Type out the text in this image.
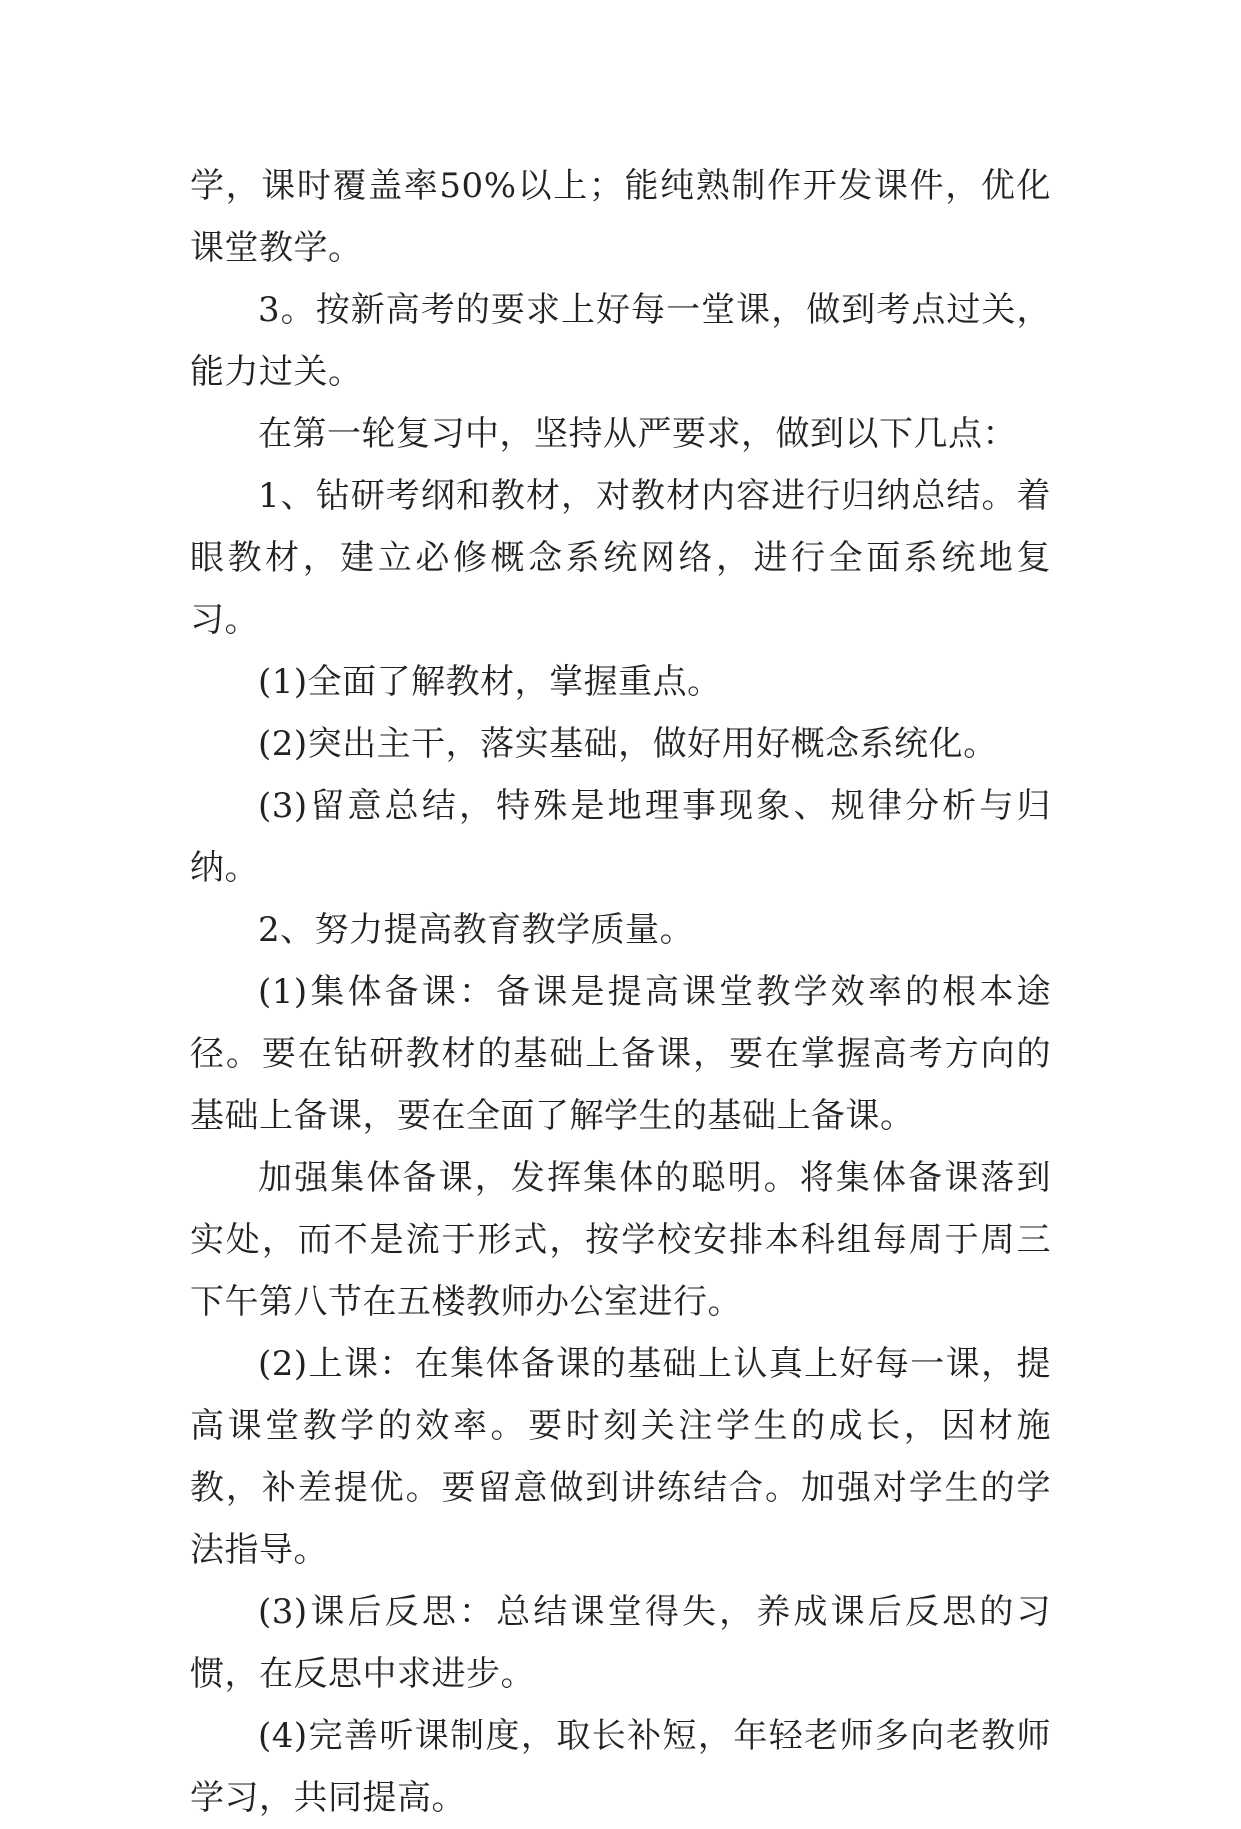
学，课时覆盖率50%以上；能纯熟制作开发课件，优化课堂教学。

3。按新高考的要求上好每一堂课，做到考点过关，能力过关。

在第一轮复习中，坚持从严要求，做到以下几点：

1、钻研考纲和教材，对教材内容进行归纳总结。着眼教材，建立必修概念系统网络，进行全面系统地复习。

(1)全面了解教材，掌握重点。

(2)突出主干，落实基础，做好用好概念系统化。

(3)留意总结，特殊是地理事现象、规律分析与归纳。

2、努力提高教育教学质量。

(1)集体备课：备课是提高课堂教学效率的根本途径。要在钻研教材的基础上备课，要在掌握高考方向的基础上备课，要在全面了解学生的基础上备课。

加强集体备课，发挥集体的聪明。将集体备课落到实处，而不是流于形式，按学校安排本科组每周于周三下午第八节在五楼教师办公室进行。

(2)上课：在集体备课的基础上认真上好每一课，提高课堂教学的效率。要时刻关注学生的成长，因材施教，补差提优。要留意做到讲练结合。加强对学生的学法指导。

(3)课后反思：总结课堂得失，养成课后反思的习惯，在反思中求进步。

(4)完善听课制度，取长补短，年轻老师多向老教师学习，共同提高。
